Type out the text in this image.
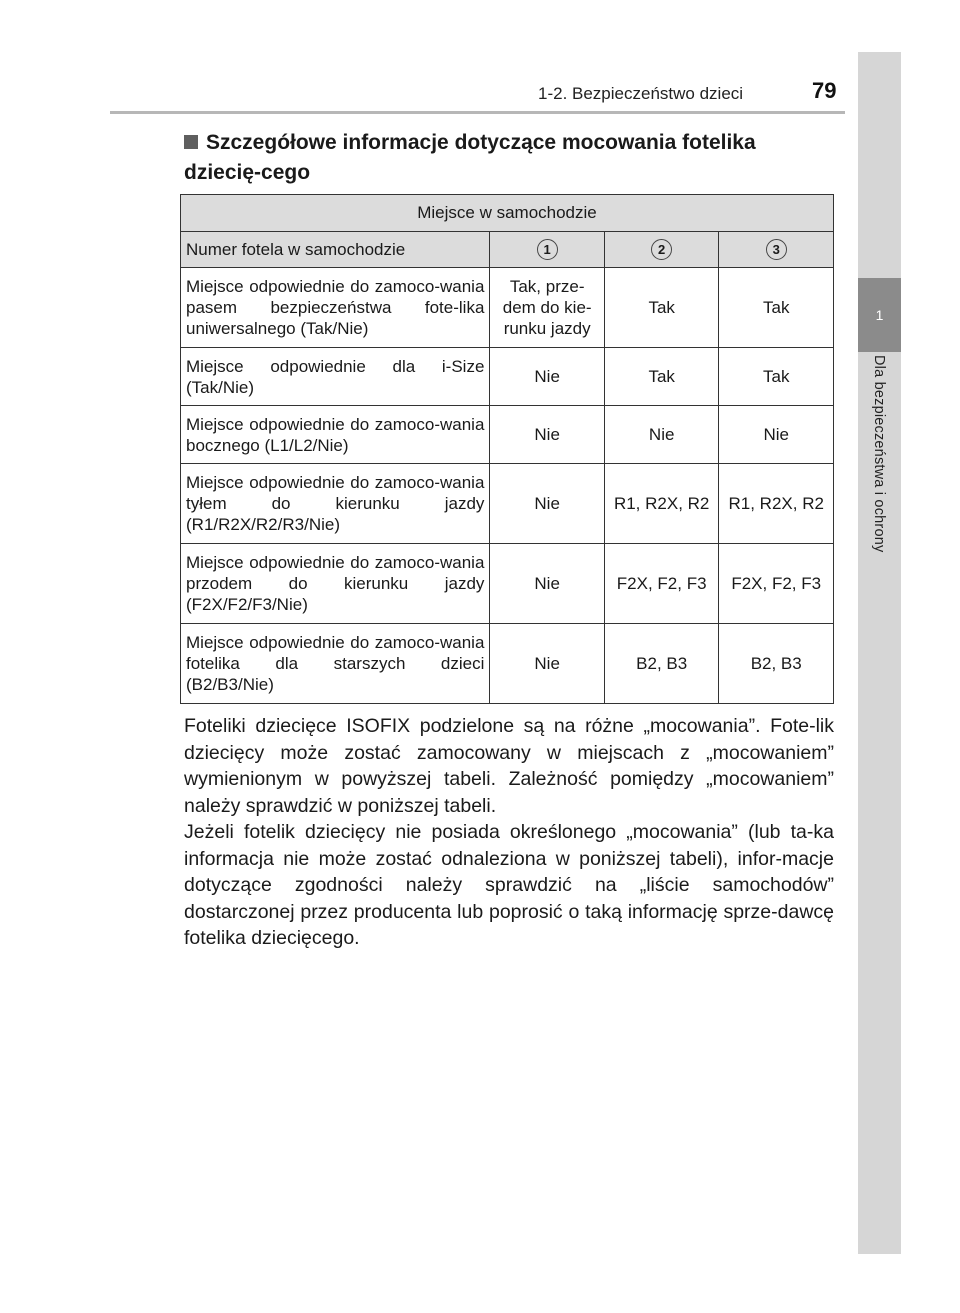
1-2. Bezpieczeństwo dzieci	79
1
Dla bezpieczeństwa i ochrony
Szczegółowe informacje dotyczące mocowania fotelika dziecię-cego
Miejsce w samochodzie			
Numer fotela w samochodzie	1	2	3
Miejsce odpowiednie do zamoco-wania pasem bezpieczeństwa fote-lika uniwersalnego (Tak/Nie)	Tak, prze-dem do kie-runku jazdy	Tak	Tak
Miejsce odpowiednie dla i-Size (Tak/Nie)	Nie	Tak	Tak
Miejsce odpowiednie do zamoco-wania bocznego (L1/L2/Nie)	Nie	Nie	Nie
Miejsce odpowiednie do zamoco-wania tyłem do kierunku jazdy (R1/R2X/R2/R3/Nie)	Nie	R1, R2X, R2	R1, R2X, R2
Miejsce odpowiednie do zamoco-wania przodem do kierunku jazdy (F2X/F2/F3/Nie)	Nie	F2X, F2, F3	F2X, F2, F3
Miejsce odpowiednie do zamoco-wania fotelika dla starszych dzieci (B2/B3/Nie)	Nie	B2, B3	B2, B3

Foteliki dziecięce ISOFIX podzielone są na różne „mocowania”. Fote-lik dziecięcy może zostać zamocowany w miejscach z „mocowaniem” wymienionym w powyższej tabeli. Zależność pomiędzy „mocowaniem” należy sprawdzić w poniższej tabeli.

Jeżeli fotelik dziecięcy nie posiada określonego „mocowania” (lub ta-ka informacja nie może zostać odnaleziona w poniższej tabeli), infor-macje dotyczące zgodności należy sprawdzić na „liście samochodów” dostarczonej przez producenta lub poprosić o taką informację sprze-dawcę fotelika dziecięcego.
